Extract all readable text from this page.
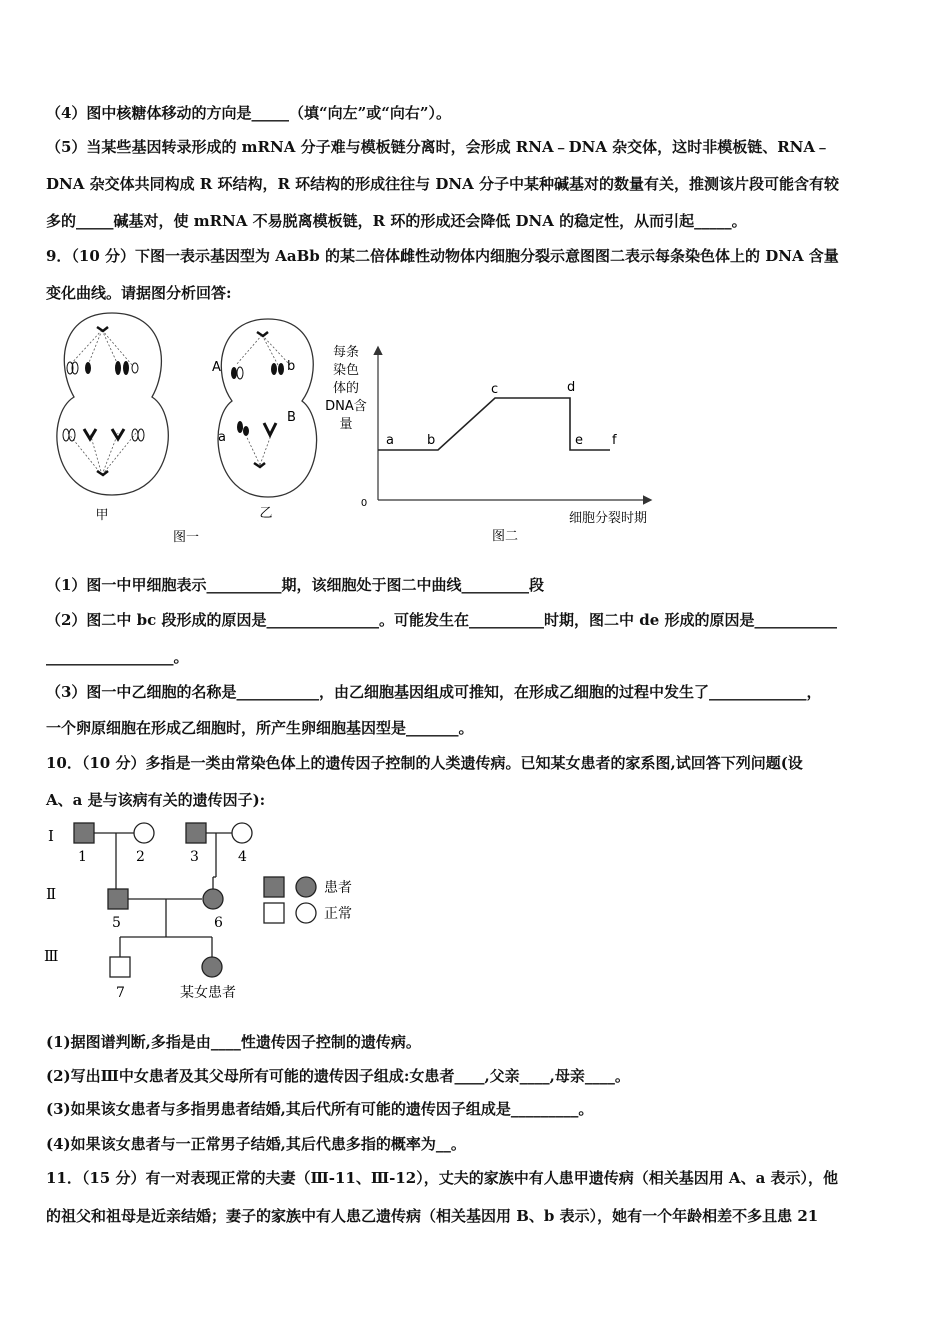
（4）图中核糖体移动的方向是_____（填“向左”或“向右”）。
（5）当某些基因转录形成的 mRNA 分子难与模板链分离时，会形成 RNA﹣DNA 杂交体，这时非模板链、RNA﹣
DNA 杂交体共同构成 R 环结构，R 环结构的形成往往与 DNA 分子中某种碱基对的数量有关，推测该片段可能含有较
多的_____碱基对，使 mRNA 不易脱离模板链，R 环的形成还会降低 DNA 的稳定性，从而引起_____。
9．（10 分）下图一表示基因型为 AaBb 的某二倍体雌性动物体内细胞分裂示意图图二表示每条染色体上的 DNA 含量
变化曲线。请据图分析回答:
甲
A	b
a
B
乙
图一
每条
染色
体的
DNA含
量
0
细胞分裂时期
图二
a	b
c	d
e f
（1）图一中甲细胞表示__________期，该细胞处于图二中曲线_________段
（2）图二中 bc 段形成的原因是_______________。可能发生在__________时期，图二中 de 形成的原因是___________
_________________。
（3）图一中乙细胞的名称是___________，由乙细胞基因组成可推知，在形成乙细胞的过程中发生了_____________，
一个卵原细胞在形成乙细胞时，所产生卵细胞基因型是_______。
10．（10 分）多指是一类由常染色体上的遗传因子控制的人类遗传病。已知某女患者的家系图,试回答下列问题(设
A、a 是与该病有关的遗传因子):
Ⅰ
Ⅱ
Ⅲ
1	2	3	4
5	6
7	某女患者
患者
正常
(1)据图谱判断,多指是由____性遗传因子控制的遗传病。
(2)写出Ⅲ中女患者及其父母所有可能的遗传因子组成:女患者____,父亲____,母亲____。
(3)如果该女患者与多指男患者结婚,其后代所有可能的遗传因子组成是_________。
(4)如果该女患者与一正常男子结婚,其后代患多指的概率为__。
11．（15 分）有一对表现正常的夫妻（Ⅲ-11、Ⅲ-12），丈夫的家族中有人患甲遗传病（相关基因用 A、a 表示），他
的祖父和祖母是近亲结婚；妻子的家族中有人患乙遗传病（相关基因用 B、b 表示），她有一个年龄相差不多且患 21
